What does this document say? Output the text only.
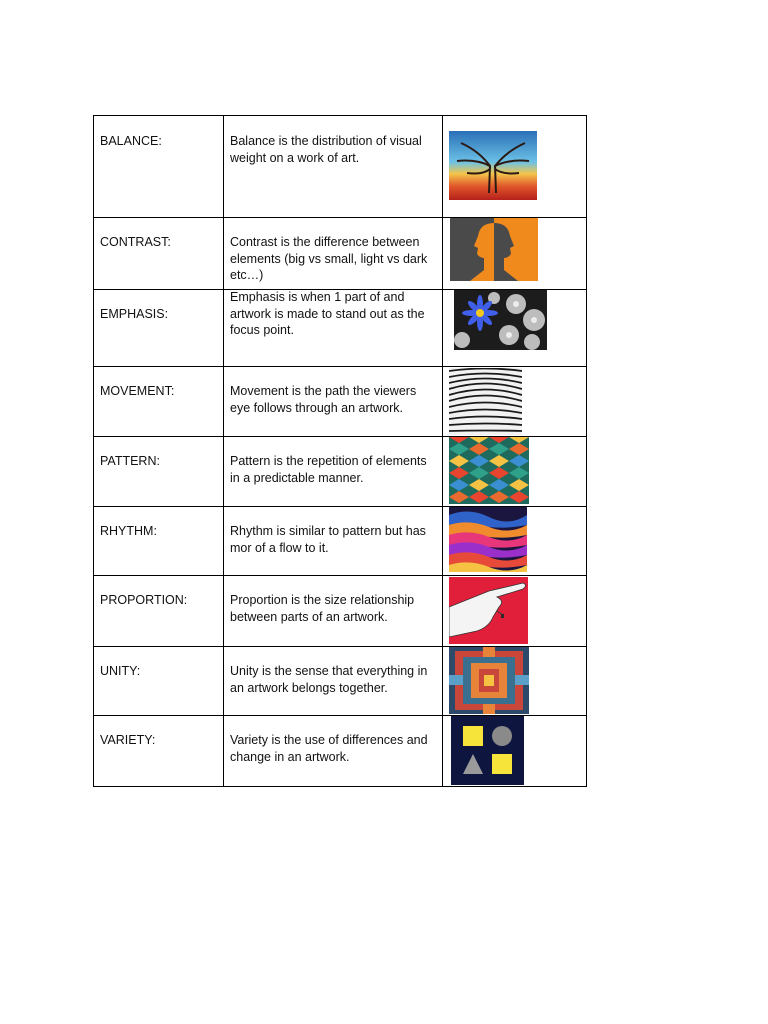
BALANCE:	Balance is the distribution of visual weight on a work of art.

CONTRAST:	Contrast is the difference between elements (big vs small, light vs dark etc…)

EMPHASIS:	Emphasis is when 1 part of and artwork is made to stand out as the focus point.

MOVEMENT:	Movement is the path the viewers eye follows through an artwork.

PATTERN:	Pattern is the repetition of elements in a predictable manner.

RHYTHM:	Rhythm is similar to pattern but has mor of a flow to it.

PROPORTION:	Proportion is the size relationship between parts of an artwork.

UNITY:	Unity is the sense that everything in an artwork belongs together.

VARIETY:	Variety is the use of differences and change in an artwork.
